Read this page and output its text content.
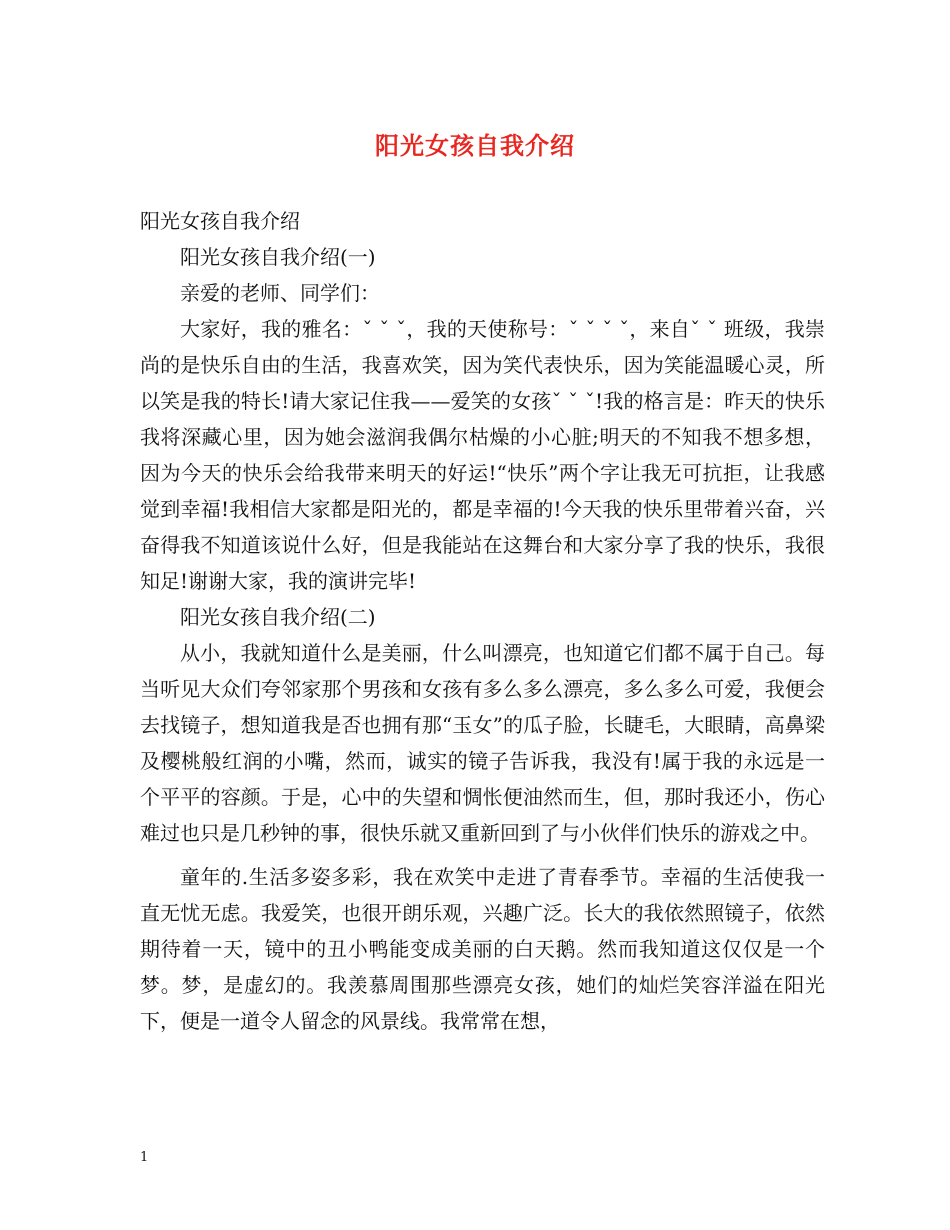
阳光女孩自我介绍

阳光女孩自我介绍

阳光女孩自我介绍(一)

亲爱的老师、同学们：

大家好，我的雅名：ˇ ˇ ˇ，我的天使称号：ˇ ˇ ˇ ˇ，来自ˇ ˇ 班级，我崇尚的是快乐自由的生活，我喜欢笑，因为笑代表快乐，因为笑能温暖心灵，所以笑是我的特长!请大家记住我——爱笑的女孩ˇ ˇ ˇ!我的格言是：昨天的快乐我将深藏心里，因为她会滋润我偶尔枯燥的小心脏;明天的不知我不想多想，因为今天的快乐会给我带来明天的好运!“快乐”两个字让我无可抗拒，让我感觉到幸福!我相信大家都是阳光的，都是幸福的!今天我的快乐里带着兴奋，兴奋得我不知道该说什么好，但是我能站在这舞台和大家分享了我的快乐，我很知足!谢谢大家，我的演讲完毕!

阳光女孩自我介绍(二)

从小，我就知道什么是美丽，什么叫漂亮，也知道它们都不属于自己。每当听见大众们夸邻家那个男孩和女孩有多么多么漂亮，多么多么可爱，我便会去找镜子，想知道我是否也拥有那“玉女”的瓜子脸，长睫毛，大眼睛，高鼻梁及樱桃般红润的小嘴，然而，诚实的镜子告诉我，我没有!属于我的永远是一个平平的容颜。于是，心中的失望和惆怅便油然而生，但，那时我还小，伤心难过也只是几秒钟的事，很快乐就又重新回到了与小伙伴们快乐的游戏之中。

童年的.生活多姿多彩，我在欢笑中走进了青春季节。幸福的生活使我一直无忧无虑。我爱笑，也很开朗乐观，兴趣广泛。长大的我依然照镜子，依然期待着一天，镜中的丑小鸭能变成美丽的白天鹅。然而我知道这仅仅是一个梦。梦，是虚幻的。我羡慕周围那些漂亮女孩，她们的灿烂笑容洋溢在阳光下，便是一道令人留念的风景线。我常常在想，

1
